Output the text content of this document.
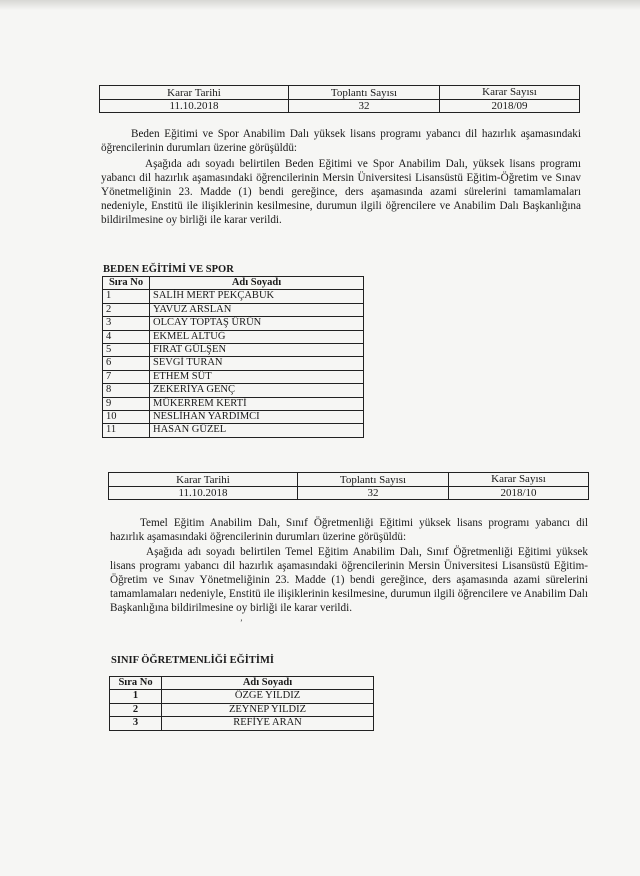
Karar Tarihi	Toplantı Sayısı	Karar Sayısı
11.10.2018	32	2018/09

Beden Eğitimi ve Spor Anabilim Dalı yüksek lisans programı yabancı dil hazırlık aşamasındaki öğrencilerinin durumları üzerine görüşüldü:

Aşağıda adı soyadı belirtilen Beden Eğitimi ve Spor Anabilim Dalı, yüksek lisans programı yabancı dil hazırlık aşamasındaki öğrencilerinin Mersin Üniversitesi Lisansüstü Eğitim-Öğretim ve Sınav Yönetmeliğinin 23. Madde (1) bendi gereğince, ders aşamasında azami sürelerini tamamlamaları nedeniyle, Enstitü ile ilişiklerinin kesilmesine, durumun ilgili öğrencilere ve Anabilim Dalı Başkanlığına bildirilmesine oy birliği ile karar verildi.

BEDEN EĞİTİMİ VE SPOR
Sıra No	Adı Soyadı
1	SALİH MERT PEKÇABUK
2	YAVUZ ARSLAN
3	OLCAY TOPTAŞ ÜRÜN
4	EKMEL ALTUĞ
5	FIRAT GÜLŞEN
6	SEVGİ TURAN
7	ETHEM SÜT
8	ZEKERİYA GENÇ
9	MÜKERREM KERTİ
10	NESLİHAN YARDIMCI
11	HASAN GÜZEL
Karar Tarihi	Toplantı Sayısı	Karar Sayısı
11.10.2018	32	2018/10

Temel Eğitim Anabilim Dalı, Sınıf Öğretmenliği Eğitimi yüksek lisans programı yabancı dil hazırlık aşamasındaki öğrencilerinin durumları üzerine görüşüldü:

Aşağıda adı soyadı belirtilen Temel Eğitim Anabilim Dalı, Sınıf Öğretmenliği Eğitimi yüksek lisans programı yabancı dil hazırlık aşamasındaki öğrencilerinin Mersin Üniversitesi Lisansüstü Eğitim-Öğretim ve Sınav Yönetmeliğinin 23. Madde (1) bendi gereğince, ders aşamasında azami sürelerini tamamlamaları nedeniyle, Enstitü ile ilişiklerinin kesilmesine, durumun ilgili öğrencilere ve Anabilim Dalı Başkanlığına bildirilmesine oy birliği ile karar verildi.

ʼ
SINIF ÖĞRETMENLİĞİ EĞİTİMİ
Sıra No	Adı Soyadı
1	ÖZGE YILDIZ
2	ZEYNEP YILDIZ
3	REFİYE ARAN
